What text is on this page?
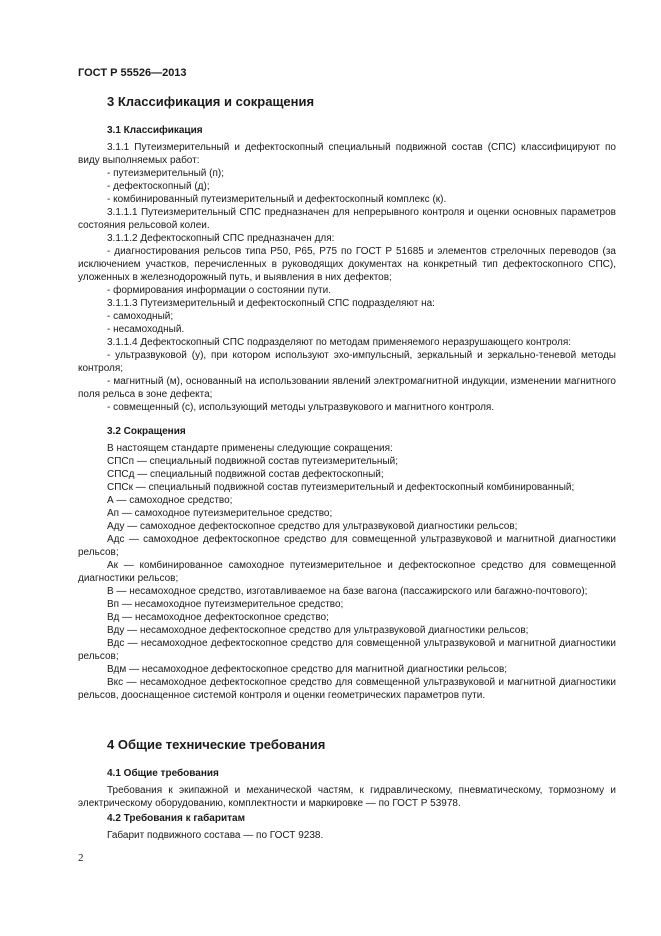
ГОСТ Р 55526—2013
3 Классификация и сокращения
3.1 Классификация

3.1.1 Путеизмерительный и дефектоскопный специальный подвижной состав (СПС) классифицируют по виду выполняемых работ:

- путеизмерительный (п);

- дефектоскопный (д);

- комбинированный путеизмерительный и дефектоскопный комплекс (к).

3.1.1.1 Путеизмерительный СПС предназначен для непрерывного контроля и оценки основных параметров состояния рельсовой колеи.

3.1.1.2 Дефектоскопный СПС предназначен для:

- диагностирования рельсов типа Р50, Р65, Р75 по ГОСТ Р 51685 и элементов стрелочных переводов (за исключением участков, перечисленных в руководящих документах на конкретный тип дефектоскопного СПС), уложенных в железнодорожный путь, и выявления в них дефектов;

- формирования информации о состоянии пути.

3.1.1.3 Путеизмерительный и дефектоскопный СПС подразделяют на:

- самоходный;

- несамоходный.

3.1.1.4 Дефектоскопный СПС подразделяют по методам применяемого неразрушающего контроля:

- ультразвуковой (у), при котором используют эхо-импульсный, зеркальный и зеркально-теневой методы контроля;

- магнитный (м), основанный на использовании явлений электромагнитной индукции, изменении магнитного поля рельса в зоне дефекта;

- совмещенный (с), использующий методы ультразвукового и магнитного контроля.

3.2 Сокращения

В настоящем стандарте применены следующие сокращения:

СПСп — специальный подвижной состав путеизмерительный;

СПСд — специальный подвижной состав дефектоскопный;

СПСк — специальный подвижной состав путеизмерительный и дефектоскопный комбинированный;

А — самоходное средство;

Ап — самоходное путеизмерительное средство;

Аду — самоходное дефектоскопное средство для ультразвуковой диагностики рельсов;

Адс — самоходное дефектоскопное средство для совмещенной ультразвуковой и магнитной диагностики рельсов;

Ак — комбинированное самоходное путеизмерительное и дефектоскопное средство для совмещенной диагностики рельсов;

В — несамоходное средство, изготавливаемое на базе вагона (пассажирского или багажно-почтового);

Вп — несамоходное путеизмерительное средство;

Вд — несамоходное дефектоскопное средство;

Вду — несамоходное дефектоскопное средство для ультразвуковой диагностики рельсов;

Вдс — несамоходное дефектоскопное средство для совмещенной ультразвуковой и магнитной диагностики рельсов;

Вдм — несамоходное дефектоскопное средство для магнитной диагностики рельсов;

Вкс — несамоходное дефектоскопное средство для совмещенной ультразвуковой и магнитной диагностики рельсов, дооснащенное системой контроля и оценки геометрических параметров пути.

4 Общие технические требования
4.1 Общие требования

Требования к экипажной и механической частям, к гидравлическому, пневматическому, тормозному и электрическому оборудованию, комплектности и маркировке — по ГОСТ Р 53978.

4.2 Требования к габаритам

Габарит подвижного состава — по ГОСТ 9238.

2
